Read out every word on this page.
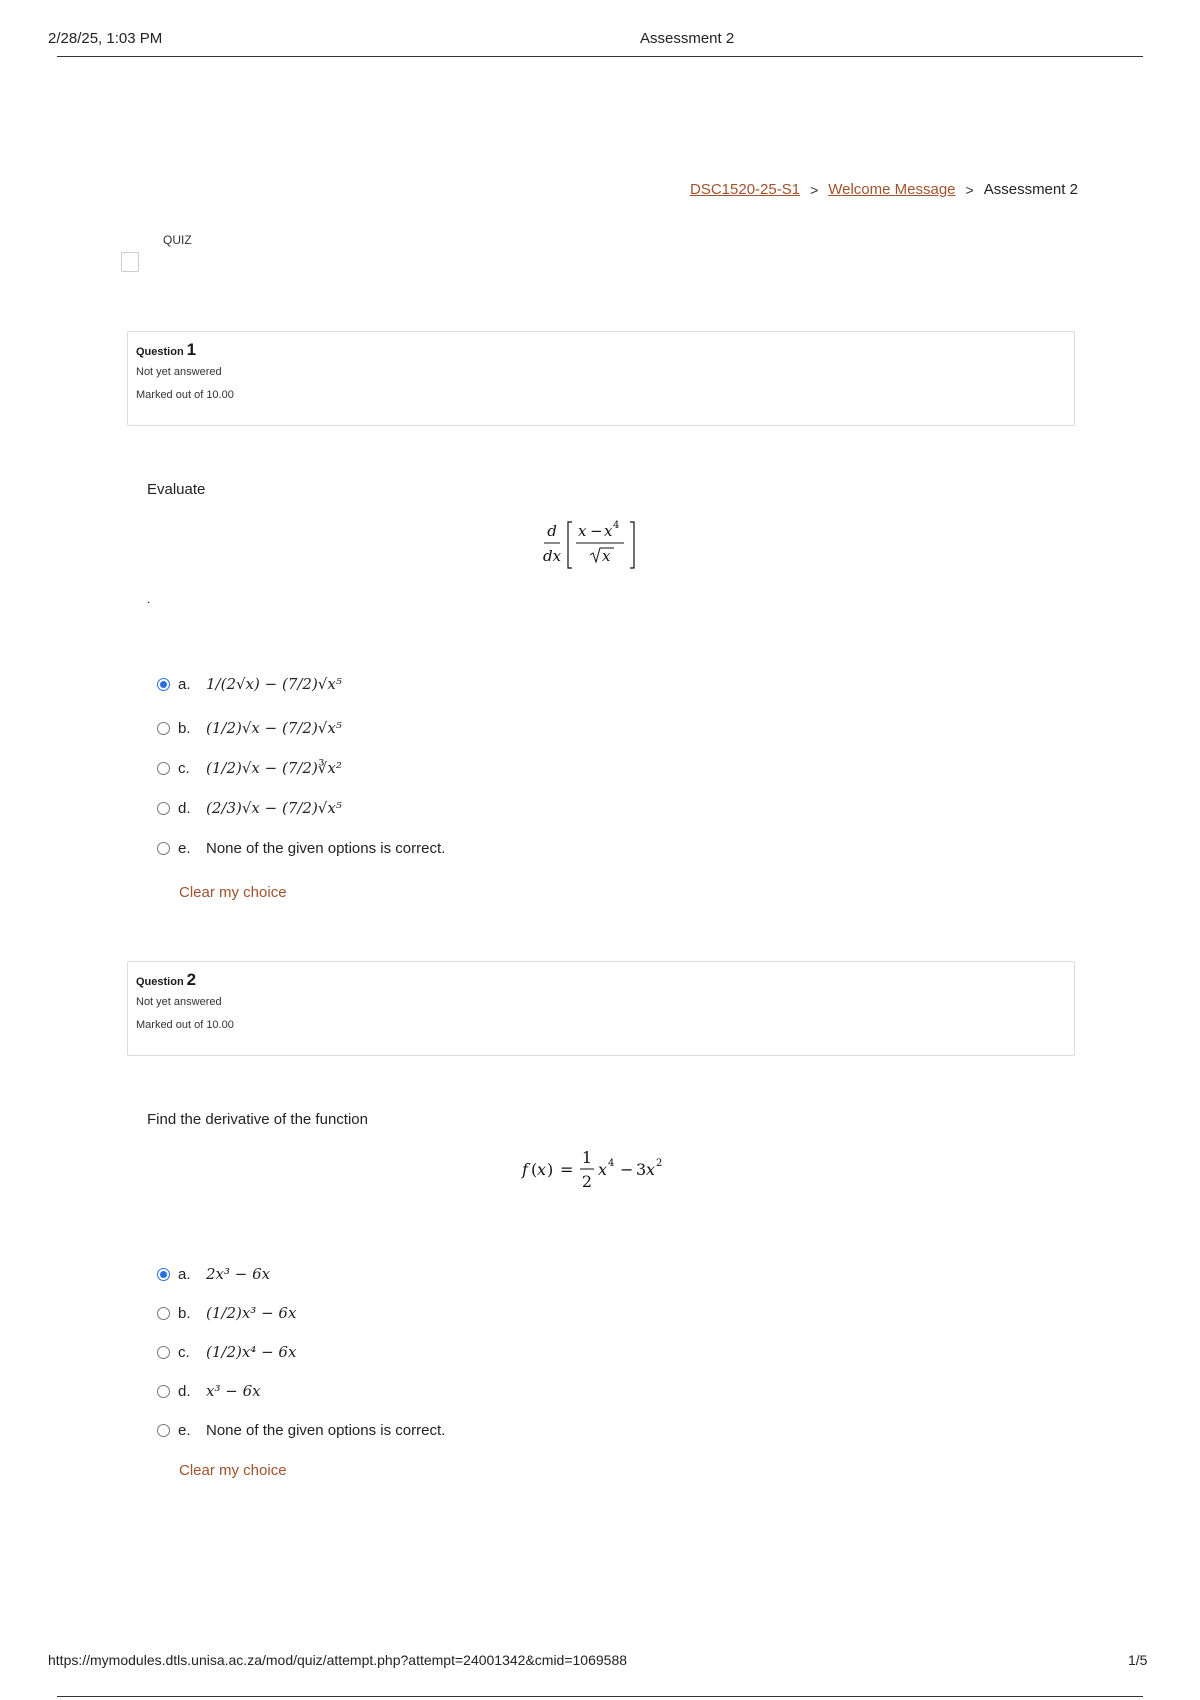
2/28/25, 1:03 PM	Assessment 2
DSC1520-25-S1 > Welcome Message > Assessment 2
QUIZ
Question 1
Not yet answered
Marked out of 10.00
Evaluate
d
dx
x − x 4
x
.
a.	1/(2√x) − (7/2)√x⁵
b.	(1/2)√x − (7/2)√x⁵
c.	(1/2)√x − (7/2)∛x²
d.	(2/3)√x − (7/2)√x⁵
e.	None of the given options is correct.
Clear my choice
Question 2
Not yet answered
Marked out of 10.00
Find the derivative of the function
f ( x ) =
1
2
x 4 − 3 x 2
a.	2x³ − 6x
b.	(1/2)x³ − 6x
c.	(1/2)x⁴ − 6x
d.	x³ − 6x
e.	None of the given options is correct.
Clear my choice
https://mymodules.dtls.unisa.ac.za/mod/quiz/attempt.php?attempt=24001342&cmid=1069588	1/5
